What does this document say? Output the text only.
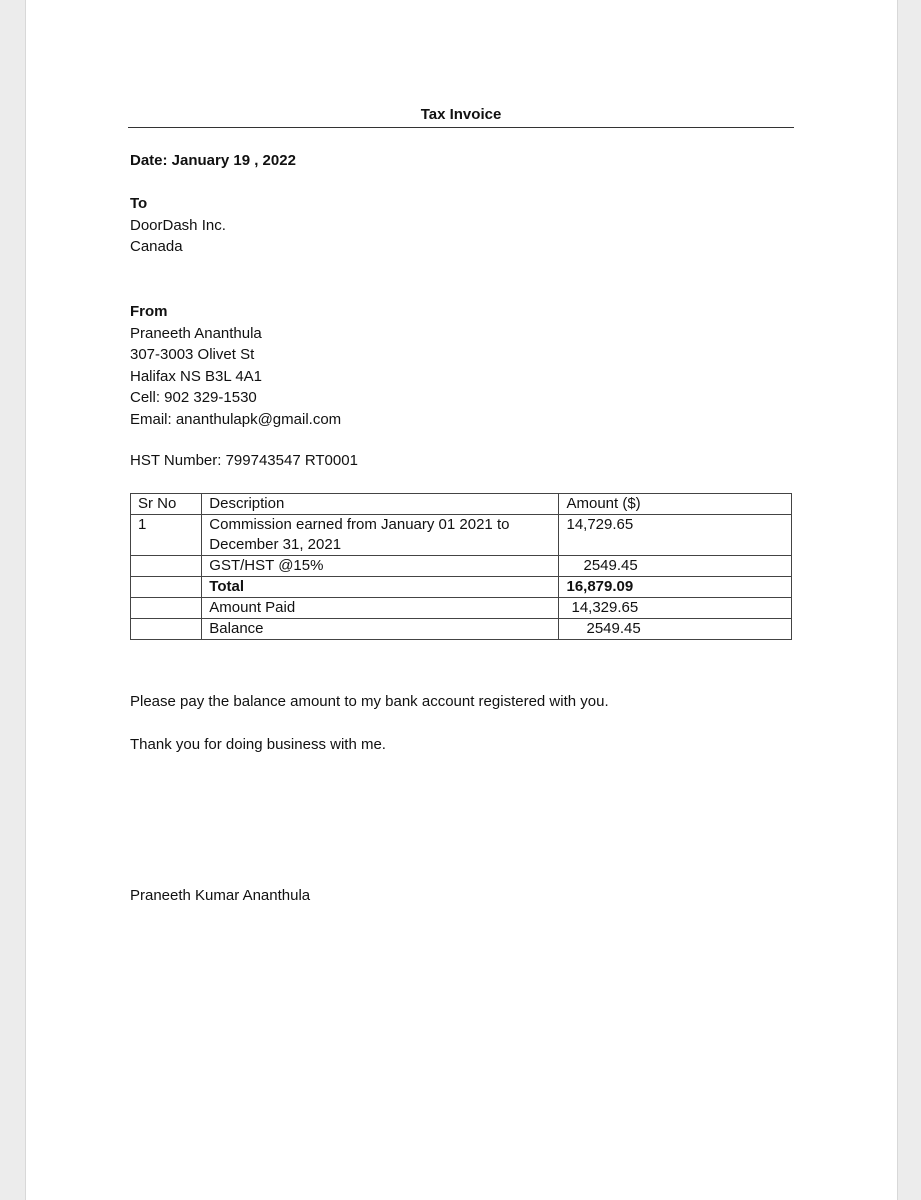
Tax Invoice
Date: January 19 , 2022
To
DoorDash Inc.
Canada
From
Praneeth Ananthula
307-3003 Olivet St
Halifax NS B3L 4A1
Cell: 902 329-1530
Email: ananthulapk@gmail.com
HST Number: 799743547 RT0001
Sr No	Description	Amount ($)
1	Commission earned from January 01 2021 to
December 31, 2021	14,729.65
	GST/HST @15%	2549.45
	Total	16,879.09
	Amount Paid	14,329.65
	Balance	2549.45
Please pay the balance amount to my bank account registered with you.
Thank you for doing business with me.
Praneeth Kumar Ananthula
